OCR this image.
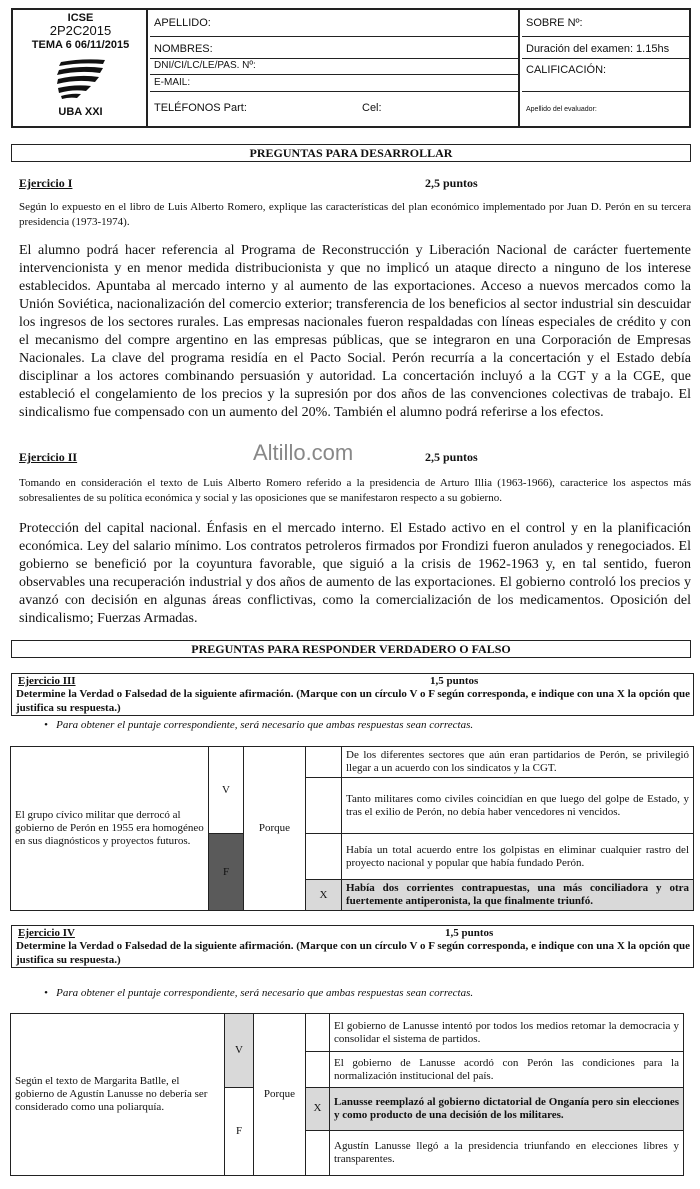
ICSE
2P2C2015
TEMA 6 06/11/2015
UBA XXI
APELLIDO:
NOMBRES:
DNI/CI/LC/LE/PAS. Nº:
E-MAIL:
TELÉFONOS Part:	Cel:
SOBRE Nº:
Duración del examen: 1.15hs
CALIFICACIÓN:
Apellido del evaluador:
PREGUNTAS PARA DESARROLLAR
Ejercicio I	2,5 puntos
Según lo expuesto en el libro de Luis Alberto Romero, explique las características del plan económico implementado por Juan D. Perón en su tercera presidencia (1973-1974).
El alumno podrá hacer referencia al Programa de Reconstrucción y Liberación Nacional de carácter fuertemente intervencionista y en menor medida distribucionista y que no implicó un ataque directo a ninguno de los interese establecidos. Apuntaba al mercado interno y al aumento de las exportaciones. Acceso a nuevos mercados como la Unión Soviética, nacionalización del comercio exterior; transferencia de los beneficios al sector industrial sin descuidar los ingresos de los sectores rurales. Las empresas nacionales fueron respaldadas con líneas especiales de crédito y con el mecanismo del compre argentino en las empresas públicas, que se integraron en una Corporación de Empresas Nacionales. La clave del programa residía en el Pacto Social. Perón recurría a la concertación y el Estado debía disciplinar a los actores combinando persuasión y autoridad. La concertación incluyó a la CGT y a la CGE, que estableció el congelamiento de los precios y la supresión por dos años de las convenciones colectivas de trabajo. El sindicalismo fue compensado con un aumento del 20%. También el alumno podrá referirse a los efectos.
Altillo.com
Ejercicio II	2,5 puntos
Tomando en consideración el texto de Luis Alberto Romero referido a la presidencia de Arturo Illia (1963-1966), caracterice los aspectos más sobresalientes de su política económica y social y las oposiciones que se manifestaron respecto a su gobierno.
Protección del capital nacional. Énfasis en el mercado interno. El Estado activo en el control y en la planificación económica. Ley del salario mínimo. Los contratos petroleros firmados por Frondizi fueron anulados y renegociados. El gobierno se benefició por la coyuntura favorable, que siguió a la crisis de 1962-1963 y, en tal sentido, fueron observables una recuperación industrial y dos años de aumento de las exportaciones. El gobierno controló los precios y avanzó con decisión en algunas áreas conflictivas, como la comercialización de los medicamentos. Oposición del sindicalismo; Fuerzas Armadas.
PREGUNTAS PARA RESPONDER VERDADERO O FALSO
Ejercicio III	1,5 puntos
Determine la Verdad o Falsedad de la siguiente afirmación. (Marque con un círculo V o F según corresponda, e indique con una X la opción que justifica su respuesta.)
•   Para obtener el puntaje correspondiente, será necesario que ambas respuestas sean correctas.
El grupo cívico militar que derrocó al gobierno de Perón en 1955 era homogéneo en sus diagnósticos y proyectos futuros.	V	Porque		De los diferentes sectores que aún eran partidarios de Perón, se privilegió llegar a un acuerdo con los sindicatos y la CGT.
				Tanto militares como civiles coincidían en que luego del golpe de Estado, y tras el exilio de Perón, no debía haber vencedores ni vencidos.
	F			Había un total acuerdo entre los golpistas en eliminar cualquier rastro del proyecto nacional y popular que había fundado Perón.
			X	Había dos corrientes contrapuestas, una más conciliadora y otra fuertemente antiperonista, la que finalmente triunfó.
Ejercicio IV	1,5 puntos
Determine la Verdad o Falsedad de la siguiente afirmación. (Marque con un círculo V o F según corresponda, e indique con una X la opción que justifica su respuesta.)
•   Para obtener el puntaje correspondiente, será necesario que ambas respuestas sean correctas.
Según el texto de Margarita Batlle, el gobierno de Agustín Lanusse no debería ser considerado como una poliarquía.	V	Porque		El gobierno de Lanusse intentó por todos los medios retomar la democracia y consolidar el sistema de partidos.
				El gobierno de Lanusse acordó con Perón las condiciones para la normalización institucional del país.
	F		X	Lanusse reemplazó al gobierno dictatorial de Onganía pero sin elecciones y como producto de una decisión de los militares.
				Agustín Lanusse llegó a la presidencia triunfando en elecciones libres y transparentes.
